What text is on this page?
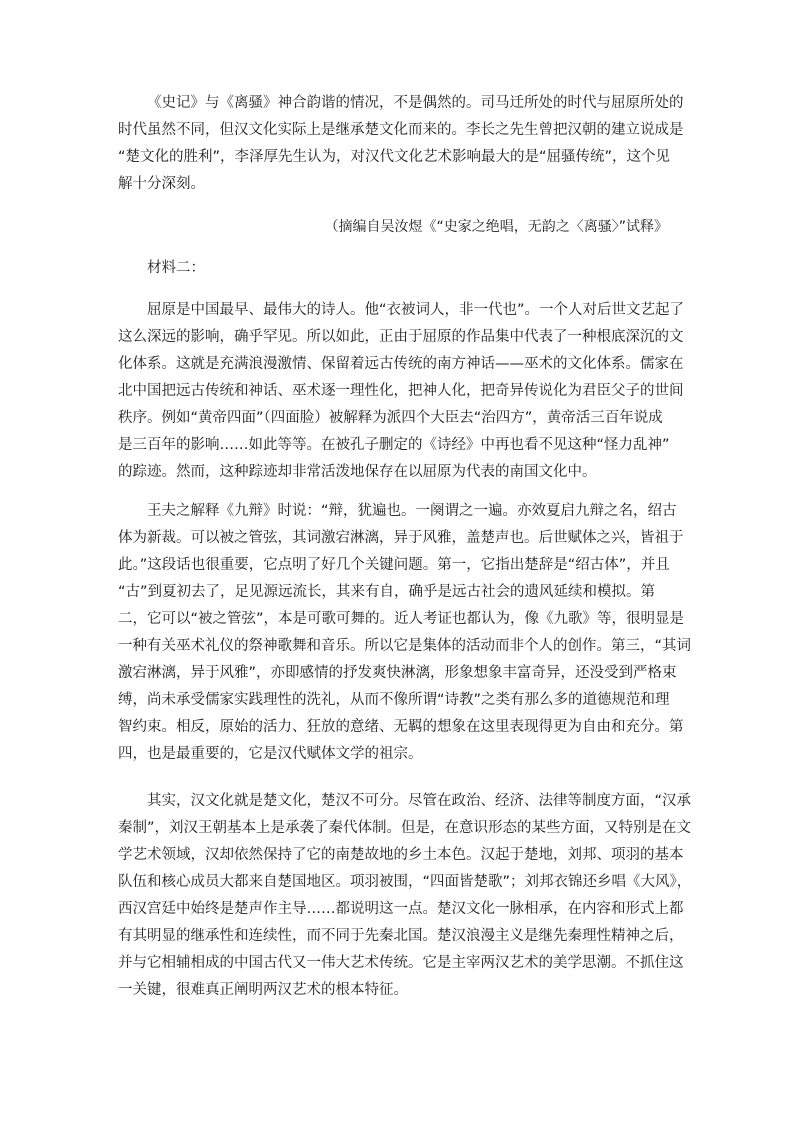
《史记》与《离骚》神合韵谐的情况，不是偶然的。司马迁所处的时代与屈原所处的
时代虽然不同，但汉文化实际上是继承楚文化而来的。李长之先生曾把汉朝的建立说成是
“楚文化的胜利”，李泽厚先生认为，对汉代文化艺术影响最大的是“屈骚传统”，这个见
解十分深刻。

（摘编自吴汝煜《“史家之绝唱，无韵之〈离骚〉”试释》

材料二：

屈原是中国最早、最伟大的诗人。他“衣被词人，非一代也”。一个人对后世文艺起了
这么深远的影响，确乎罕见。所以如此，正由于屈原的作品集中代表了一种根底深沉的文
化体系。这就是充满浪漫激情、保留着远古传统的南方神话——巫术的文化体系。儒家在
北中国把远古传统和神话、巫术逐一理性化，把神人化，把奇异传说化为君臣父子的世间
秩序。例如“黄帝四面”（四面脸）被解释为派四个大臣去“治四方”，黄帝活三百年说成
是三百年的影响……如此等等。在被孔子删定的《诗经》中再也看不见这种“怪力乱神”
的踪迹。然而，这种踪迹却非常活泼地保存在以屈原为代表的南国文化中。
王夫之解释《九辩》时说：“辩，犹遍也。一阕谓之一遍。亦效夏启九辩之名，绍古
体为新裁。可以被之管弦，其词激宕淋漓，异于风雅，盖楚声也。后世赋体之兴，皆祖于
此。”这段话也很重要，它点明了好几个关键问题。第一，它指出楚辞是“绍古体”，并且
“古”到夏初去了，足见源远流长，其来有自，确乎是远古社会的遗风延续和模拟。第
二，它可以“被之管弦”，本是可歌可舞的。近人考证也都认为，像《九歌》等，很明显是
一种有关巫术礼仪的祭神歌舞和音乐。所以它是集体的活动而非个人的创作。第三，“其词
激宕淋漓，异于风雅”，亦即感情的抒发爽快淋漓，形象想象丰富奇异，还没受到严格束
缚，尚未承受儒家实践理性的洗礼，从而不像所谓“诗教”之类有那么多的道德规范和理
智约束。相反，原始的活力、狂放的意绪、无羁的想象在这里表现得更为自由和充分。第
四，也是最重要的，它是汉代赋体文学的祖宗。
其实，汉文化就是楚文化，楚汉不可分。尽管在政治、经济、法律等制度方面，“汉承
秦制”，刘汉王朝基本上是承袭了秦代体制。但是，在意识形态的某些方面，又特别是在文
学艺术领域，汉却依然保持了它的南楚故地的乡土本色。汉起于楚地，刘邦、项羽的基本
队伍和核心成员大都来自楚国地区。项羽被围，“四面皆楚歌”；刘邦衣锦还乡唱《大风》，
西汉宫廷中始终是楚声作主导……都说明这一点。楚汉文化一脉相承，在内容和形式上都
有其明显的继承性和连续性，而不同于先秦北国。楚汉浪漫主义是继先秦理性精神之后，
并与它相辅相成的中国古代又一伟大艺术传统。它是主宰两汉艺术的美学思潮。不抓住这
一关键，很难真正阐明两汉艺术的根本特征。
